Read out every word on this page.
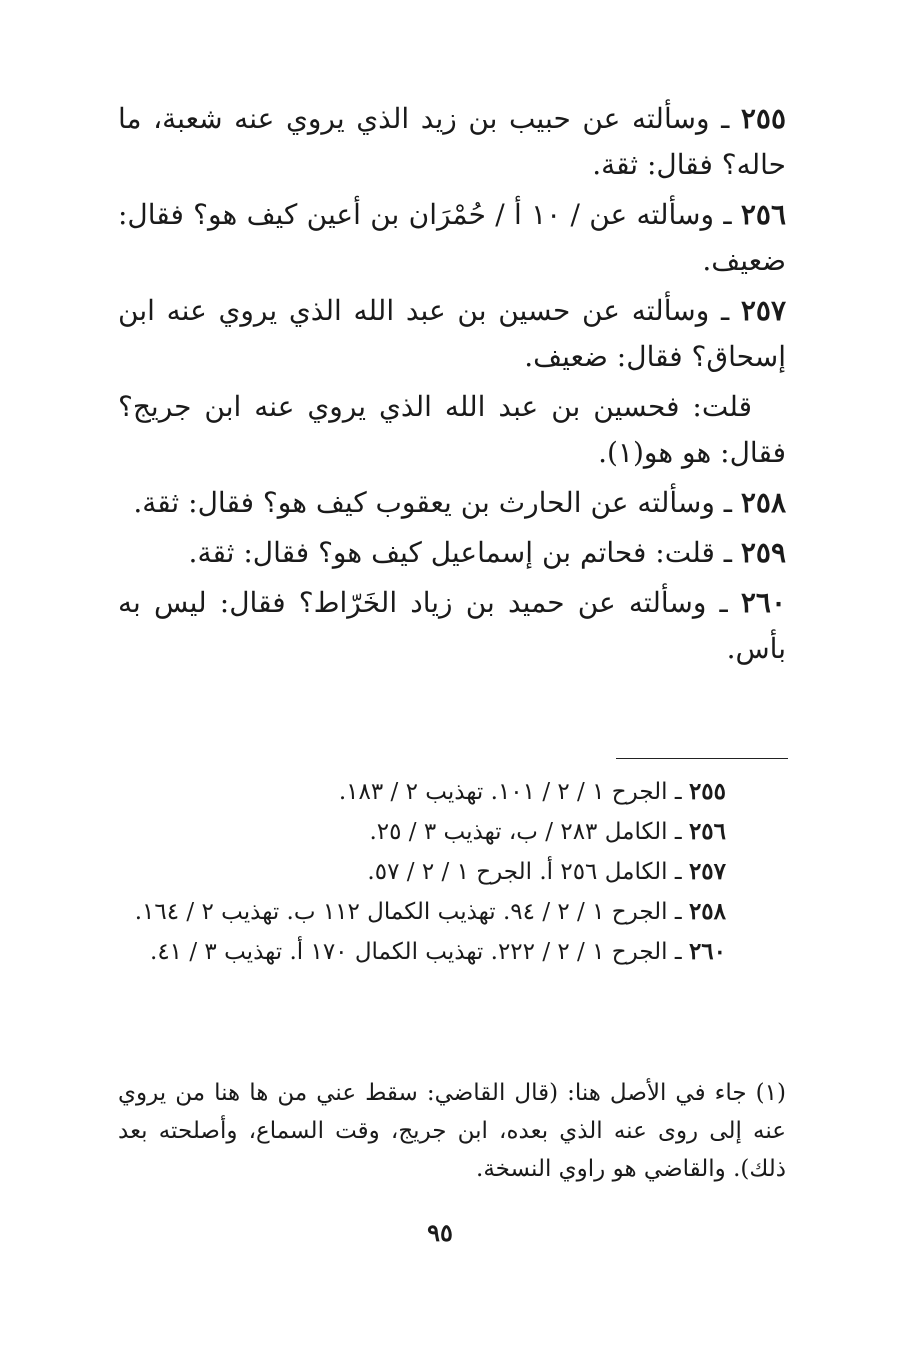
٢٥٥ ـ وسألته عن حبيب بن زيد الذي يروي عنه شعبة، ما حاله؟ فقال: ثقة.

٢٥٦ ـ وسألته عن / ١٠ أ / حُمْرَان بن أعين كيف هو؟ فقال: ضعيف.

٢٥٧ ـ وسألته عن حسين بن عبد الله الذي يروي عنه ابن إسحاق؟ فقال: ضعيف.

قلت: فحسين بن عبد الله الذي يروي عنه ابن جريج؟ فقال: هو هو(١).

٢٥٨ ـ وسألته عن الحارث بن يعقوب كيف هو؟ فقال: ثقة.

٢٥٩ ـ قلت: فحاتم بن إسماعيل كيف هو؟ فقال: ثقة.

٢٦٠ ـ وسألته عن حميد بن زياد الخَرّاط؟ فقال: ليس به بأس.

٢٥٥ ـ الجرح ١ / ٢ / ١٠١. تهذيب ٢ / ١٨٣.

٢٥٦ ـ الكامل ٢٨٣ / ب، تهذيب ٣ / ٢٥.

٢٥٧ ـ الكامل ٢٥٦ أ. الجرح ١ / ٢ / ٥٧.

٢٥٨ ـ الجرح ١ / ٢ / ٩٤. تهذيب الكمال ١١٢ ب. تهذيب ٢ / ١٦٤.

٢٦٠ ـ الجرح ١ / ٢ / ٢٢٢. تهذيب الكمال ١٧٠ أ. تهذيب ٣ / ٤١.

(١) جاء في الأصل هنا: (قال القاضي: سقط عني من ها هنا من يروي عنه إلى روى عنه الذي بعده، ابن جريج، وقت السماع، وأصلحته بعد ذلك). والقاضي هو راوي النسخة.

٩٥
